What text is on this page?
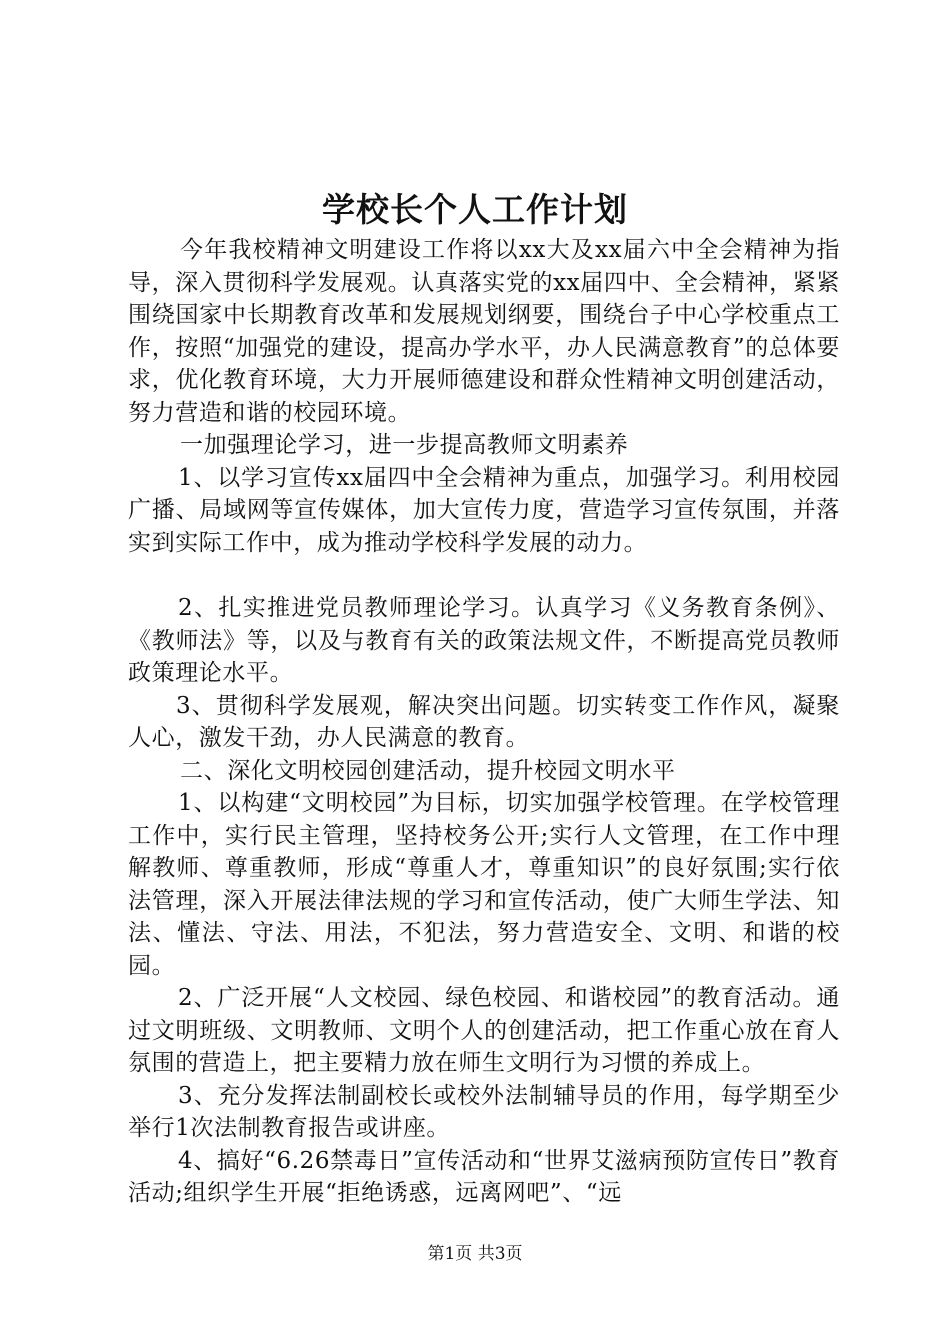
学校长个人工作计划

今年我校精神文明建设工作将以xx大及xx届六中全会精神为指导，深入贯彻科学发展观。认真落实党的xx届四中、全会精神，紧紧围绕国家中长期教育改革和发展规划纲要，围绕台子中心学校重点工作，按照“加强党的建设，提高办学水平，办人民满意教育”的总体要求，优化教育环境，大力开展师德建设和群众性精神文明创建活动，努力营造和谐的校园环境。

一加强理论学习，进一步提高教师文明素养

1、以学习宣传xx届四中全会精神为重点，加强学习。利用校园广播、局域网等宣传媒体，加大宣传力度，营造学习宣传氛围，并落实到实际工作中，成为推动学校科学发展的动力。

2、扎实推进党员教师理论学习。认真学习《义务教育条例》、《教师法》等，以及与教育有关的政策法规文件，不断提高党员教师政策理论水平。

3、贯彻科学发展观，解决突出问题。切实转变工作作风，凝聚人心，激发干劲，办人民满意的教育。

二、深化文明校园创建活动，提升校园文明水平

1、以构建“文明校园”为目标，切实加强学校管理。在学校管理工作中，实行民主管理，坚持校务公开;实行人文管理，在工作中理解教师、尊重教师，形成“尊重人才，尊重知识”的良好氛围;实行依法管理，深入开展法律法规的学习和宣传活动，使广大师生学法、知法、懂法、守法、用法，不犯法，努力营造安全、文明、和谐的校园。

2、广泛开展“人文校园、绿色校园、和谐校园”的教育活动。通过文明班级、文明教师、文明个人的创建活动，把工作重心放在育人氛围的营造上，把主要精力放在师生文明行为习惯的养成上。

3、充分发挥法制副校长或校外法制辅导员的作用，每学期至少举行1次法制教育报告或讲座。

4、搞好“6.26禁毒日”宣传活动和“世界艾滋病预防宣传日”教育活动;组织学生开展“拒绝诱惑，远离网吧”、“远

第1页 共3页
